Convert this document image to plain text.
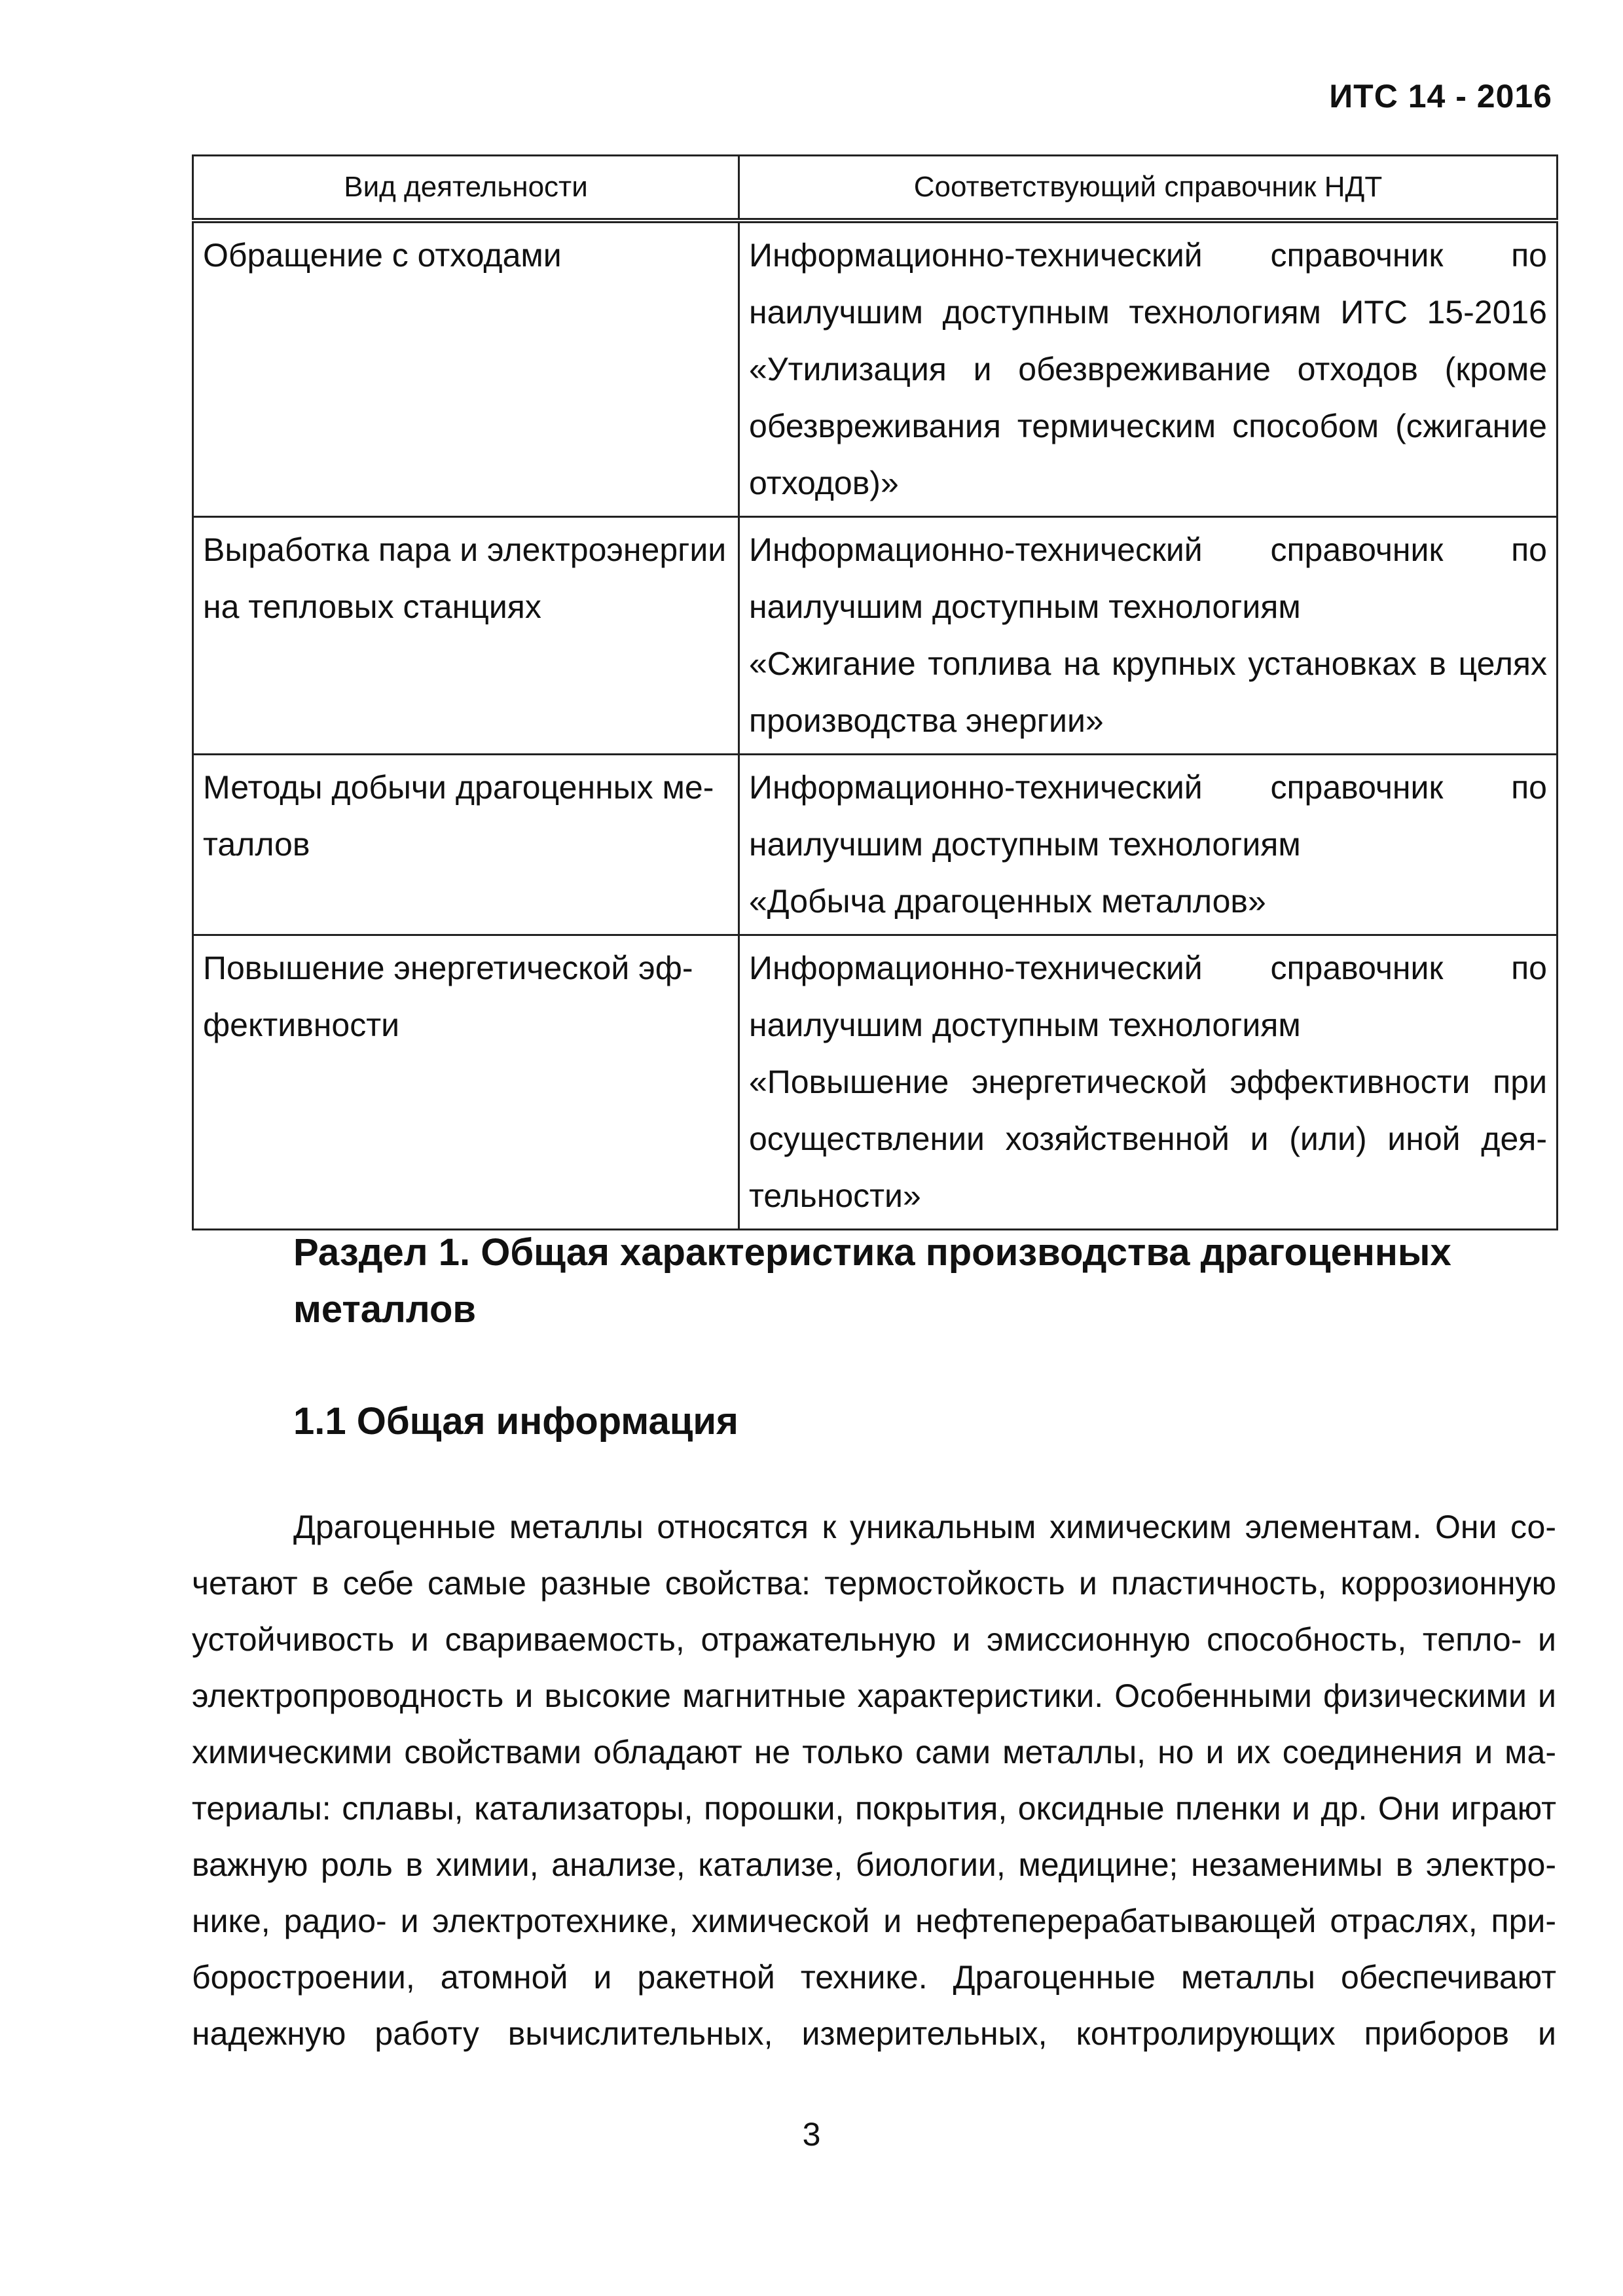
ИТС 14 - 2016
Вид деятельности	Соответствующий справочник НДТ
Обращение с отходами	Информационно-технический справочник по
наилучшим доступным технологиям ИТС 15-2016
«Утилизация и обезвреживание отходов (кроме
обезвреживания термическим способом (сжигание
отходов)»

Выработка пара и электроэнергии на тепловых станциях	Информационно-технический справочник по
наилучшим доступным технологиям
«Сжигание топлива на крупных установках в целях
производства энергии»

Методы добычи драгоценных ме-таллов	Информационно-технический справочник по
наилучшим доступным технологиям
«Добыча драгоценных металлов»

Повышение энергетической эф-фективности	Информационно-технический справочник по
наилучшим доступным технологиям
«Повышение энергетической эффективности при
осуществлении хозяйственной и (или) иной дея-
тельности»
Раздел 1. Общая характеристика производства драгоценных металлов
1.1 Общая информация
Драгоценные металлы относятся к уникальным химическим элементам. Они со-
четают в себе самые разные свойства: термостойкость и пластичность, коррозионную
устойчивость и свариваемость, отражательную и эмиссионную способность, тепло- и
электропроводность и высокие магнитные характеристики. Особенными физическими и
химическими свойствами обладают не только сами металлы, но и их соединения и ма-
териалы: сплавы, катализаторы, порошки, покрытия, оксидные пленки и др. Они играют
важную роль в химии, анализе, катализе, биологии, медицине; незаменимы в электро-
нике, радио- и электротехнике, химической и нефтеперерабатывающей отраслях, при-
боростроении, атомной и ракетной технике. Драгоценные металлы обеспечивают
надежную работу вычислительных, измерительных, контролирующих приборов и
3
